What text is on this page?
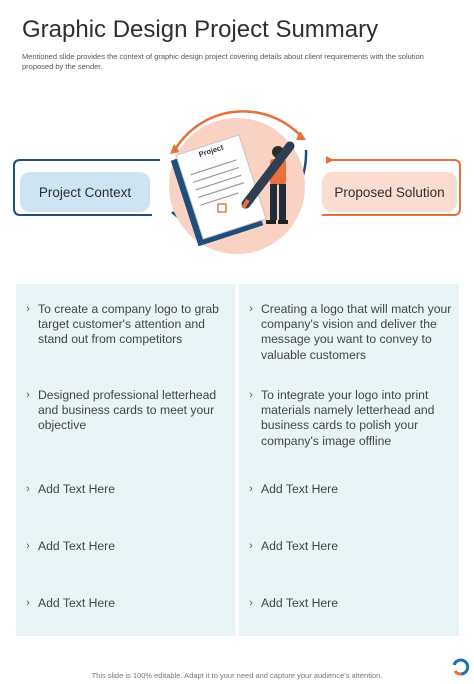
Graphic Design Project Summary
Mentioned slide provides the context of graphic design project covering details about client requirements with the solution proposed by the sender.
Project
Project Context	Proposed Solution
› To create a company logo to grab target customer's attention and stand out from competitors
› Designed professional letterhead and business cards to meet your objective
› Add Text Here
› Add Text Here
› Add Text Here
› Creating a logo that will match your company's vision and deliver the message you want to convey to valuable customers
› To integrate your logo into print materials namely letterhead and business cards to polish your company's image offline
› Add Text Here
› Add Text Here
› Add Text Here
This slide is 100% editable. Adapt it to your need and capture your audience's attention.
